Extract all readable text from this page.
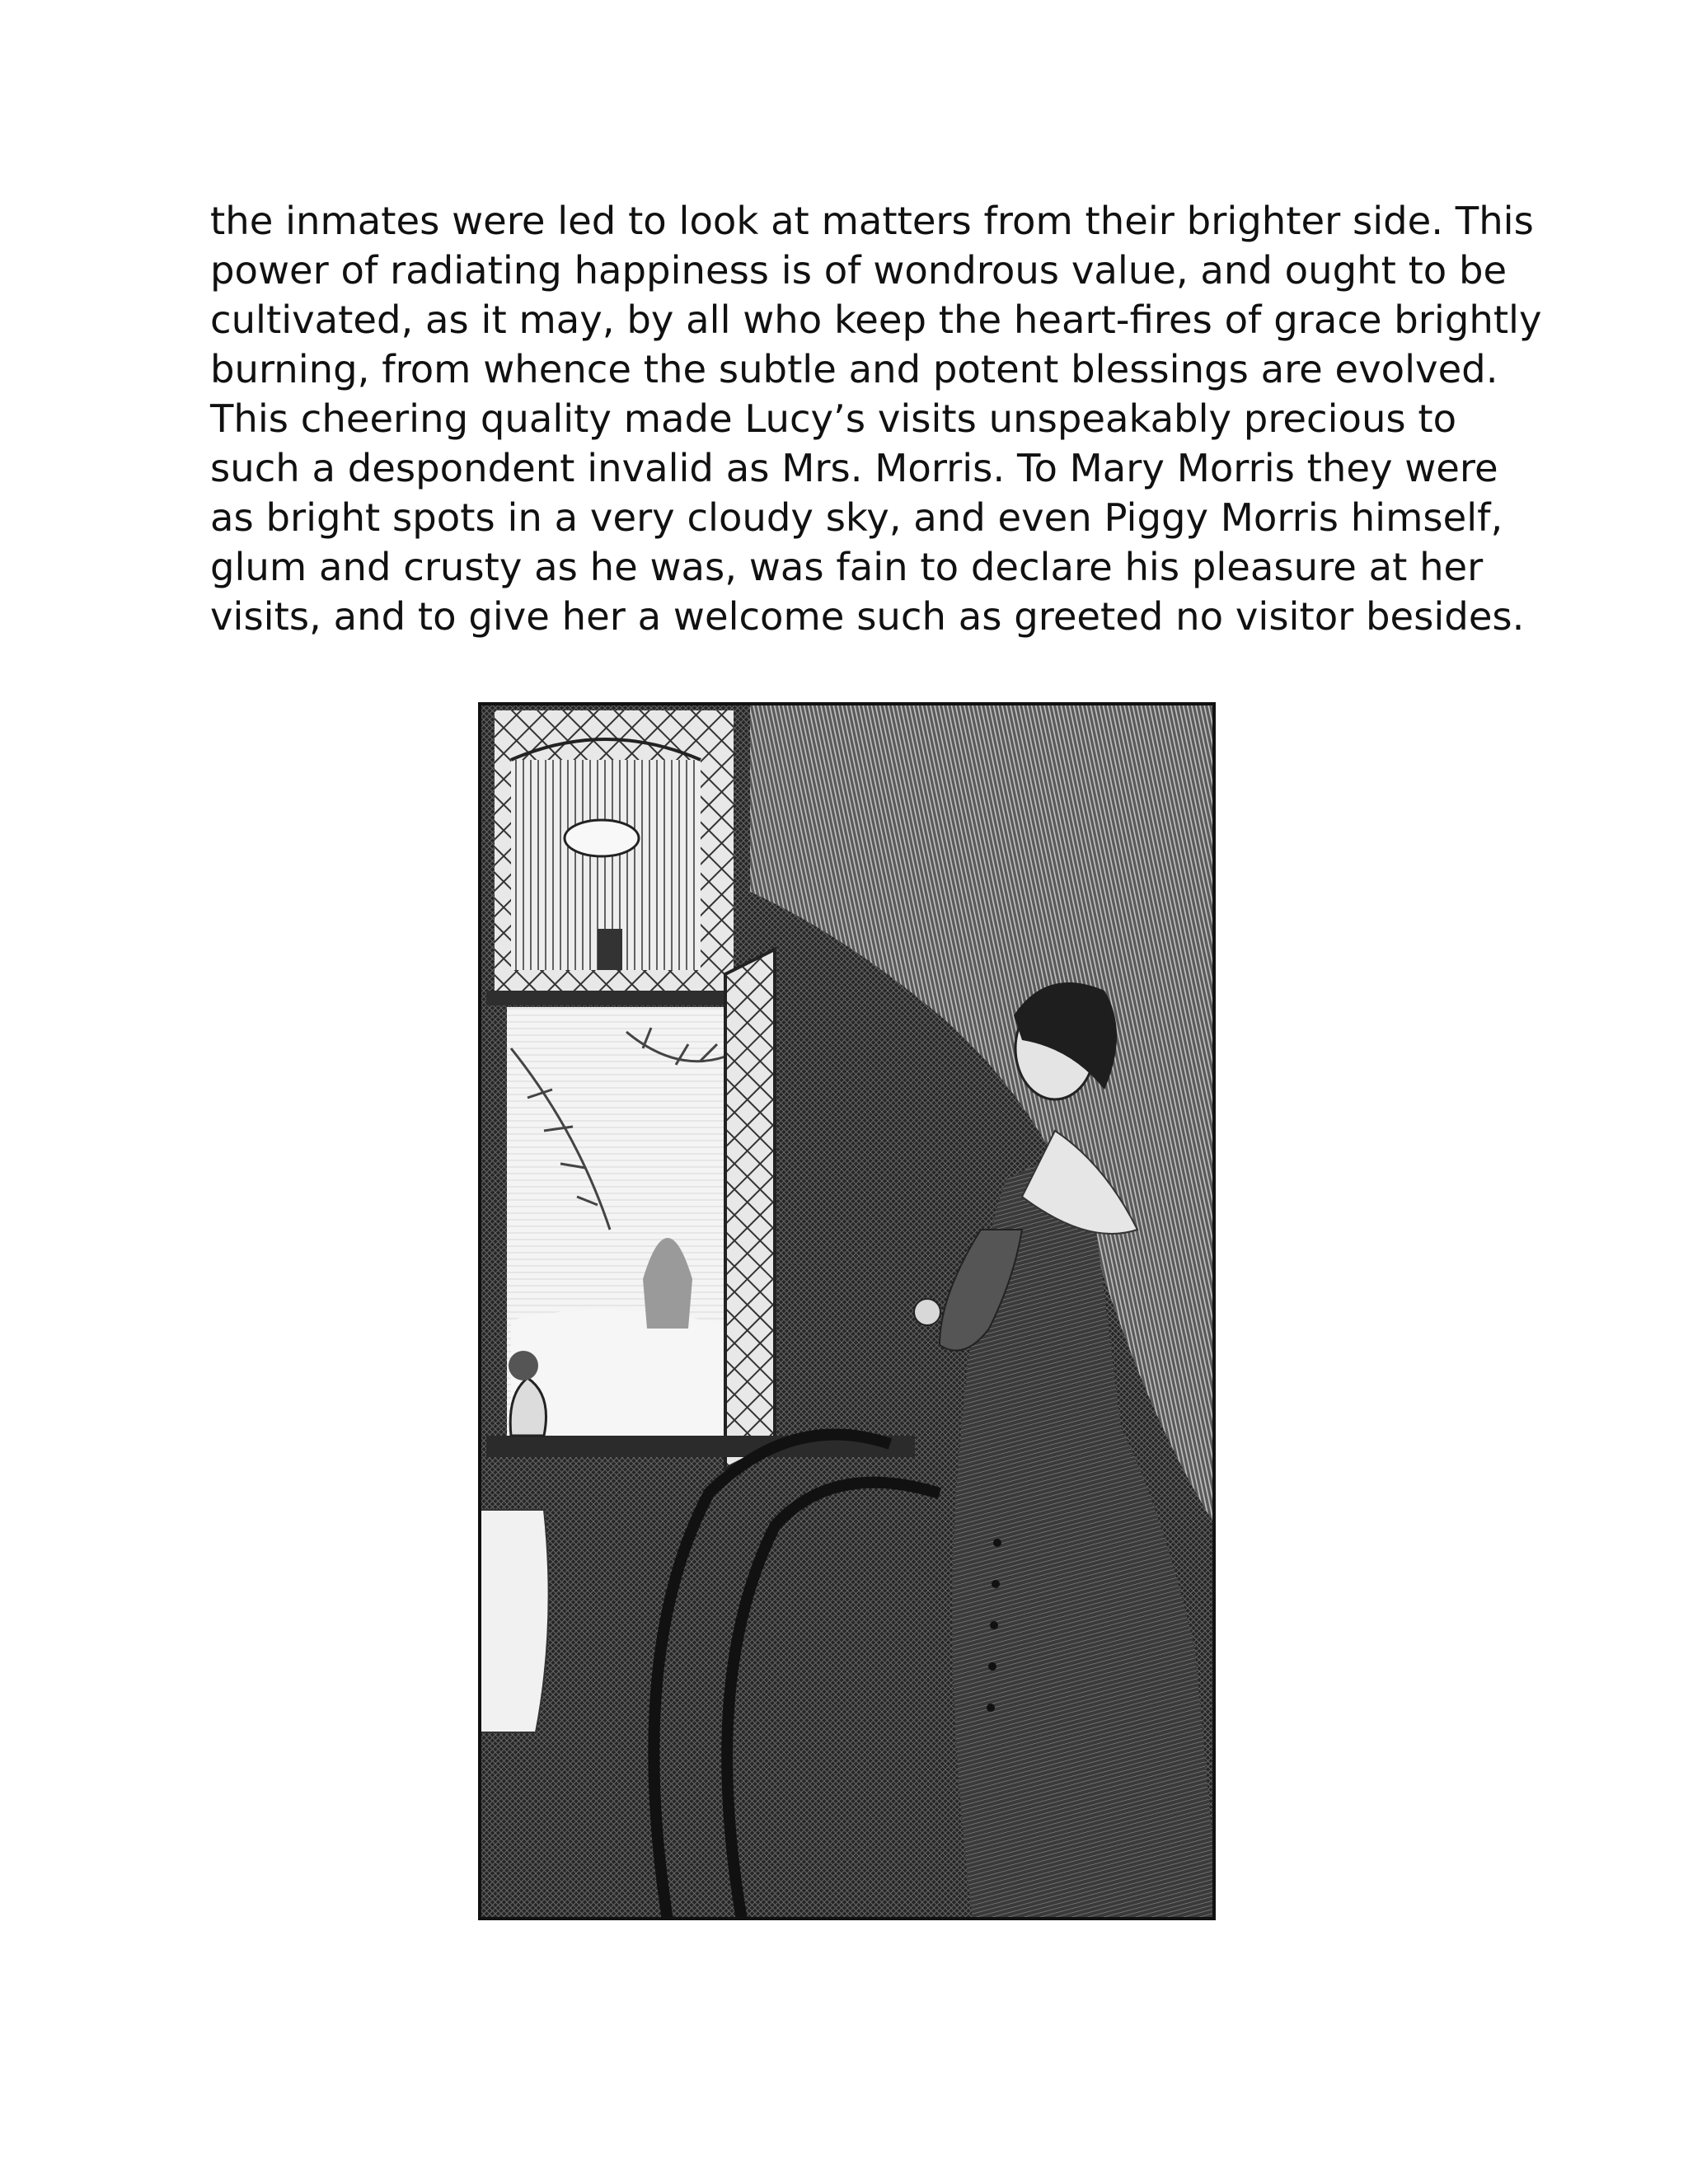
the inmates were led to look at matters from their brighter side. This
power of radiating happiness is of wondrous value, and ought to be
cultivated, as it may, by all who keep the heart-fires of grace brightly
burning, from whence the subtle and potent blessings are evolved.
This cheering quality made Lucy’s visits unspeakably precious to
such a despondent invalid as Mrs. Morris. To Mary Morris they were
as bright spots in a very cloudy sky, and even Piggy Morris himself,
glum and crusty as he was, was fain to declare his pleasure at her
visits, and to give her a welcome such as greeted no visitor besides.
